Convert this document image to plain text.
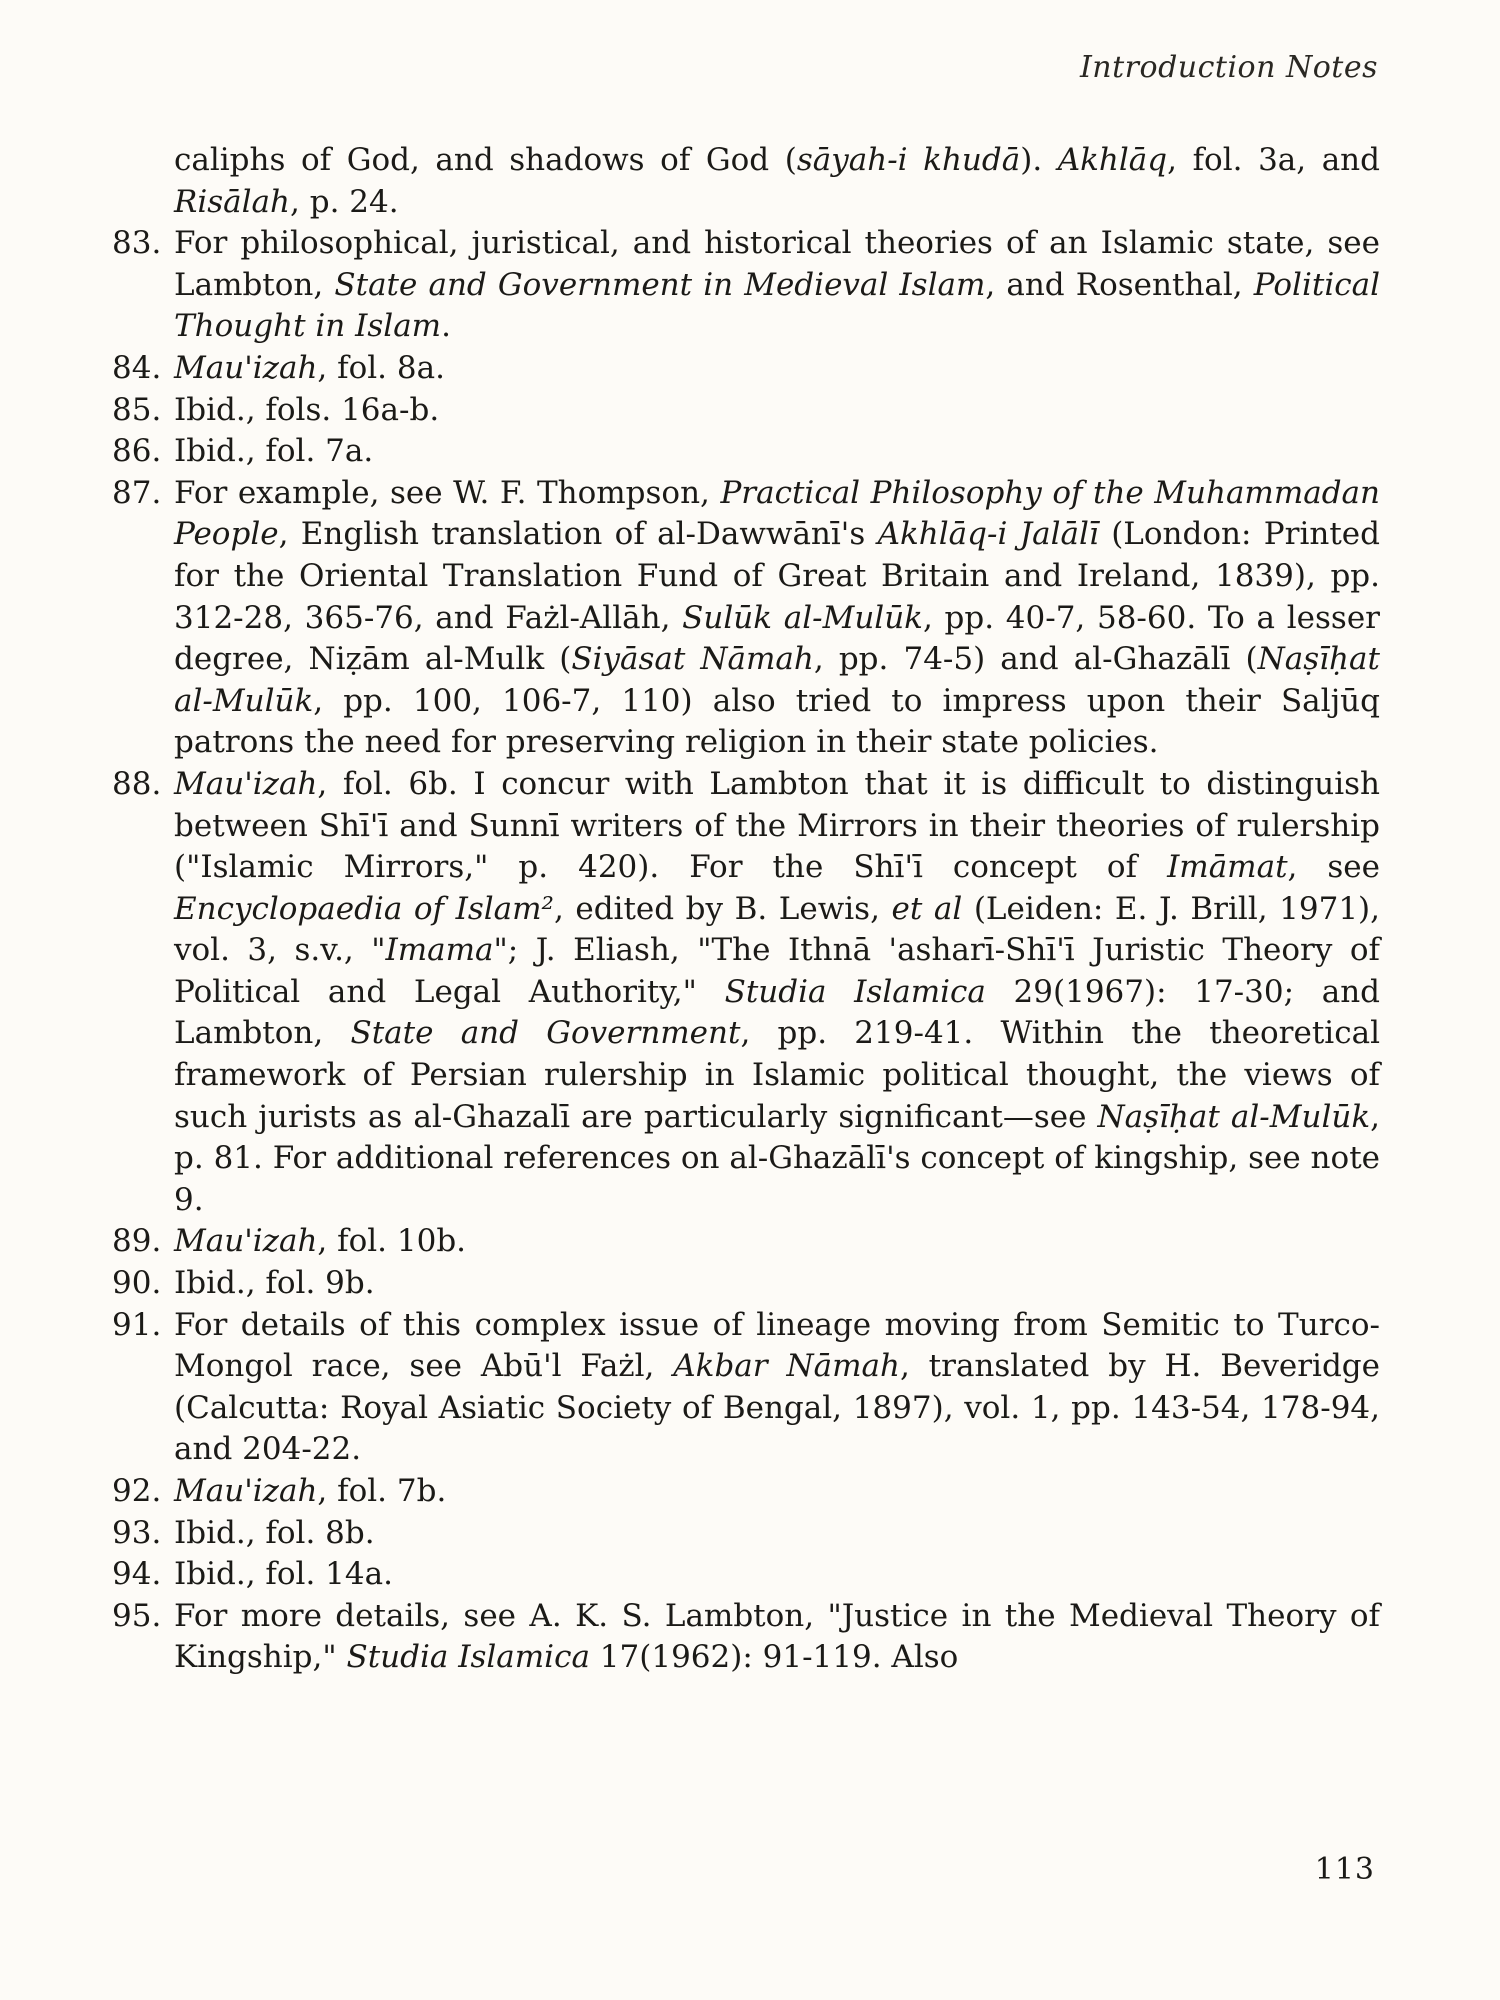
Introduction Notes
caliphs of God, and shadows of God (sāyah-i khudā). Akhlāq, fol. 3a, and Risālah, p. 24.
83. For philosophical, juristical, and historical theories of an Islamic state, see Lambton, State and Government in Medieval Islam, and Rosenthal, Political Thought in Islam.
84. Mau'izah, fol. 8a.
85. Ibid., fols. 16a-b.
86. Ibid., fol. 7a.
87. For example, see W. F. Thompson, Practical Philosophy of the Muhammadan People, English translation of al-Dawwānī's Akhlāq-i Jalālī (London: Printed for the Oriental Translation Fund of Great Britain and Ireland, 1839), pp. 312-28, 365-76, and Fażl-Allāh, Sulūk al-Mulūk, pp. 40-7, 58-60. To a lesser degree, Niẓām al-Mulk (Siyāsat Nāmah, pp. 74-5) and al-Ghazālī (Naṣīḥat al-Mulūk, pp. 100, 106-7, 110) also tried to impress upon their Saljūq patrons the need for preserving religion in their state policies.
88. Mau'izah, fol. 6b. I concur with Lambton that it is difficult to distinguish between Shī'ī and Sunnī writers of the Mirrors in their theories of rulership ("Islamic Mirrors," p. 420). For the Shī'ī concept of Imāmat, see Encyclopaedia of Islam², edited by B. Lewis, et al (Leiden: E. J. Brill, 1971), vol. 3, s.v., "Imama"; J. Eliash, "The Ithnā 'asharī-Shī'ī Juristic Theory of Political and Legal Authority," Studia Islamica 29(1967): 17-30; and Lambton, State and Government, pp. 219-41. Within the theoretical framework of Persian rulership in Islamic political thought, the views of such jurists as al-Ghazalī are particularly significant—see Naṣīḥat al-Mulūk, p. 81. For additional references on al-Ghazālī's concept of kingship, see note 9.
89. Mau'izah, fol. 10b.
90. Ibid., fol. 9b.
91. For details of this complex issue of lineage moving from Semitic to Turco-Mongol race, see Abū'l Fażl, Akbar Nāmah, translated by H. Beveridge (Calcutta: Royal Asiatic Society of Bengal, 1897), vol. 1, pp. 143-54, 178-94, and 204-22.
92. Mau'izah, fol. 7b.
93. Ibid., fol. 8b.
94. Ibid., fol. 14a.
95. For more details, see A. K. S. Lambton, "Justice in the Medieval Theory of Kingship," Studia Islamica 17(1962): 91-119. Also
113
